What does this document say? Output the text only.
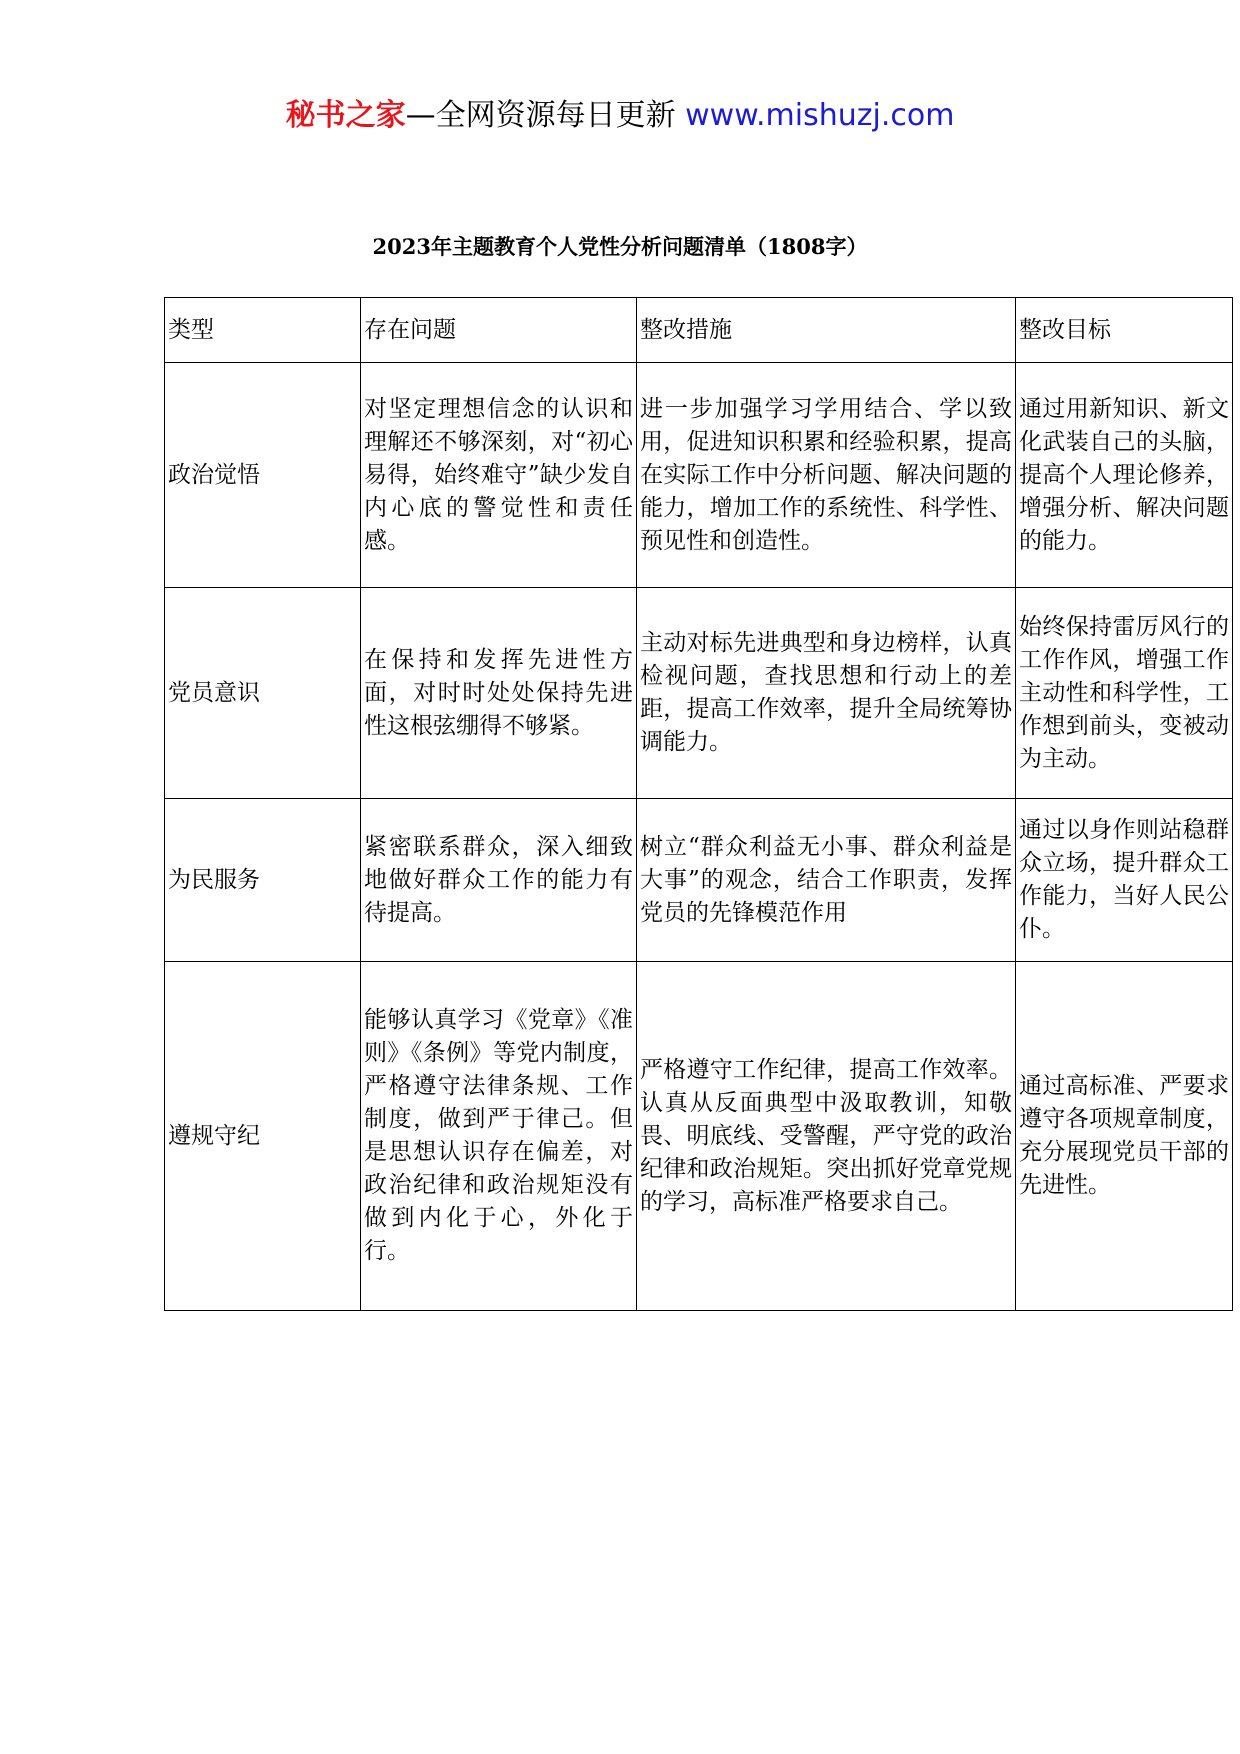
秘书之家—全网资源每日更新 www.mishuzj.com
2023年主题教育个人党性分析问题清单（1808字）
类型	存在问题	整改措施	整改目标
政治觉悟	对坚定理想信念的认识和理解还不够深刻，对“初心易得，始终难守”缺少发自内心底的警觉性和责任感。	进一步加强学习学用结合、学以致用，促进知识积累和经验积累，提高在实际工作中分析问题、解决问题的能力，增加工作的系统性、科学性、预见性和创造性。	通过用新知识、新文化武装自己的头脑，提高个人理论修养，增强分析、解决问题的能力。
党员意识	在保持和发挥先进性方面，对时时处处保持先进性这根弦绷得不够紧。	主动对标先进典型和身边榜样，认真检视问题，查找思想和行动上的差距，提高工作效率，提升全局统筹协调能力。	始终保持雷厉风行的工作作风，增强工作主动性和科学性，工作想到前头，变被动为主动。
为民服务	紧密联系群众，深入细致地做好群众工作的能力有待提高。	树立“群众利益无小事、群众利益是大事”的观念，结合工作职责，发挥党员的先锋模范作用	通过以身作则站稳群众立场，提升群众工作能力，当好人民公仆。
遵规守纪	能够认真学习《党章》《准则》《条例》等党内制度，严格遵守法律条规、工作制度，做到严于律己。但是思想认识存在偏差，对政治纪律和政治规矩没有做到内化于心，外化于行。	严格遵守工作纪律，提高工作效率。认真从反面典型中汲取教训，知敬畏、明底线、受警醒，严守党的政治纪律和政治规矩。突出抓好党章党规的学习，高标准严格要求自己。	通过高标准、严要求遵守各项规章制度，充分展现党员干部的先进性。
